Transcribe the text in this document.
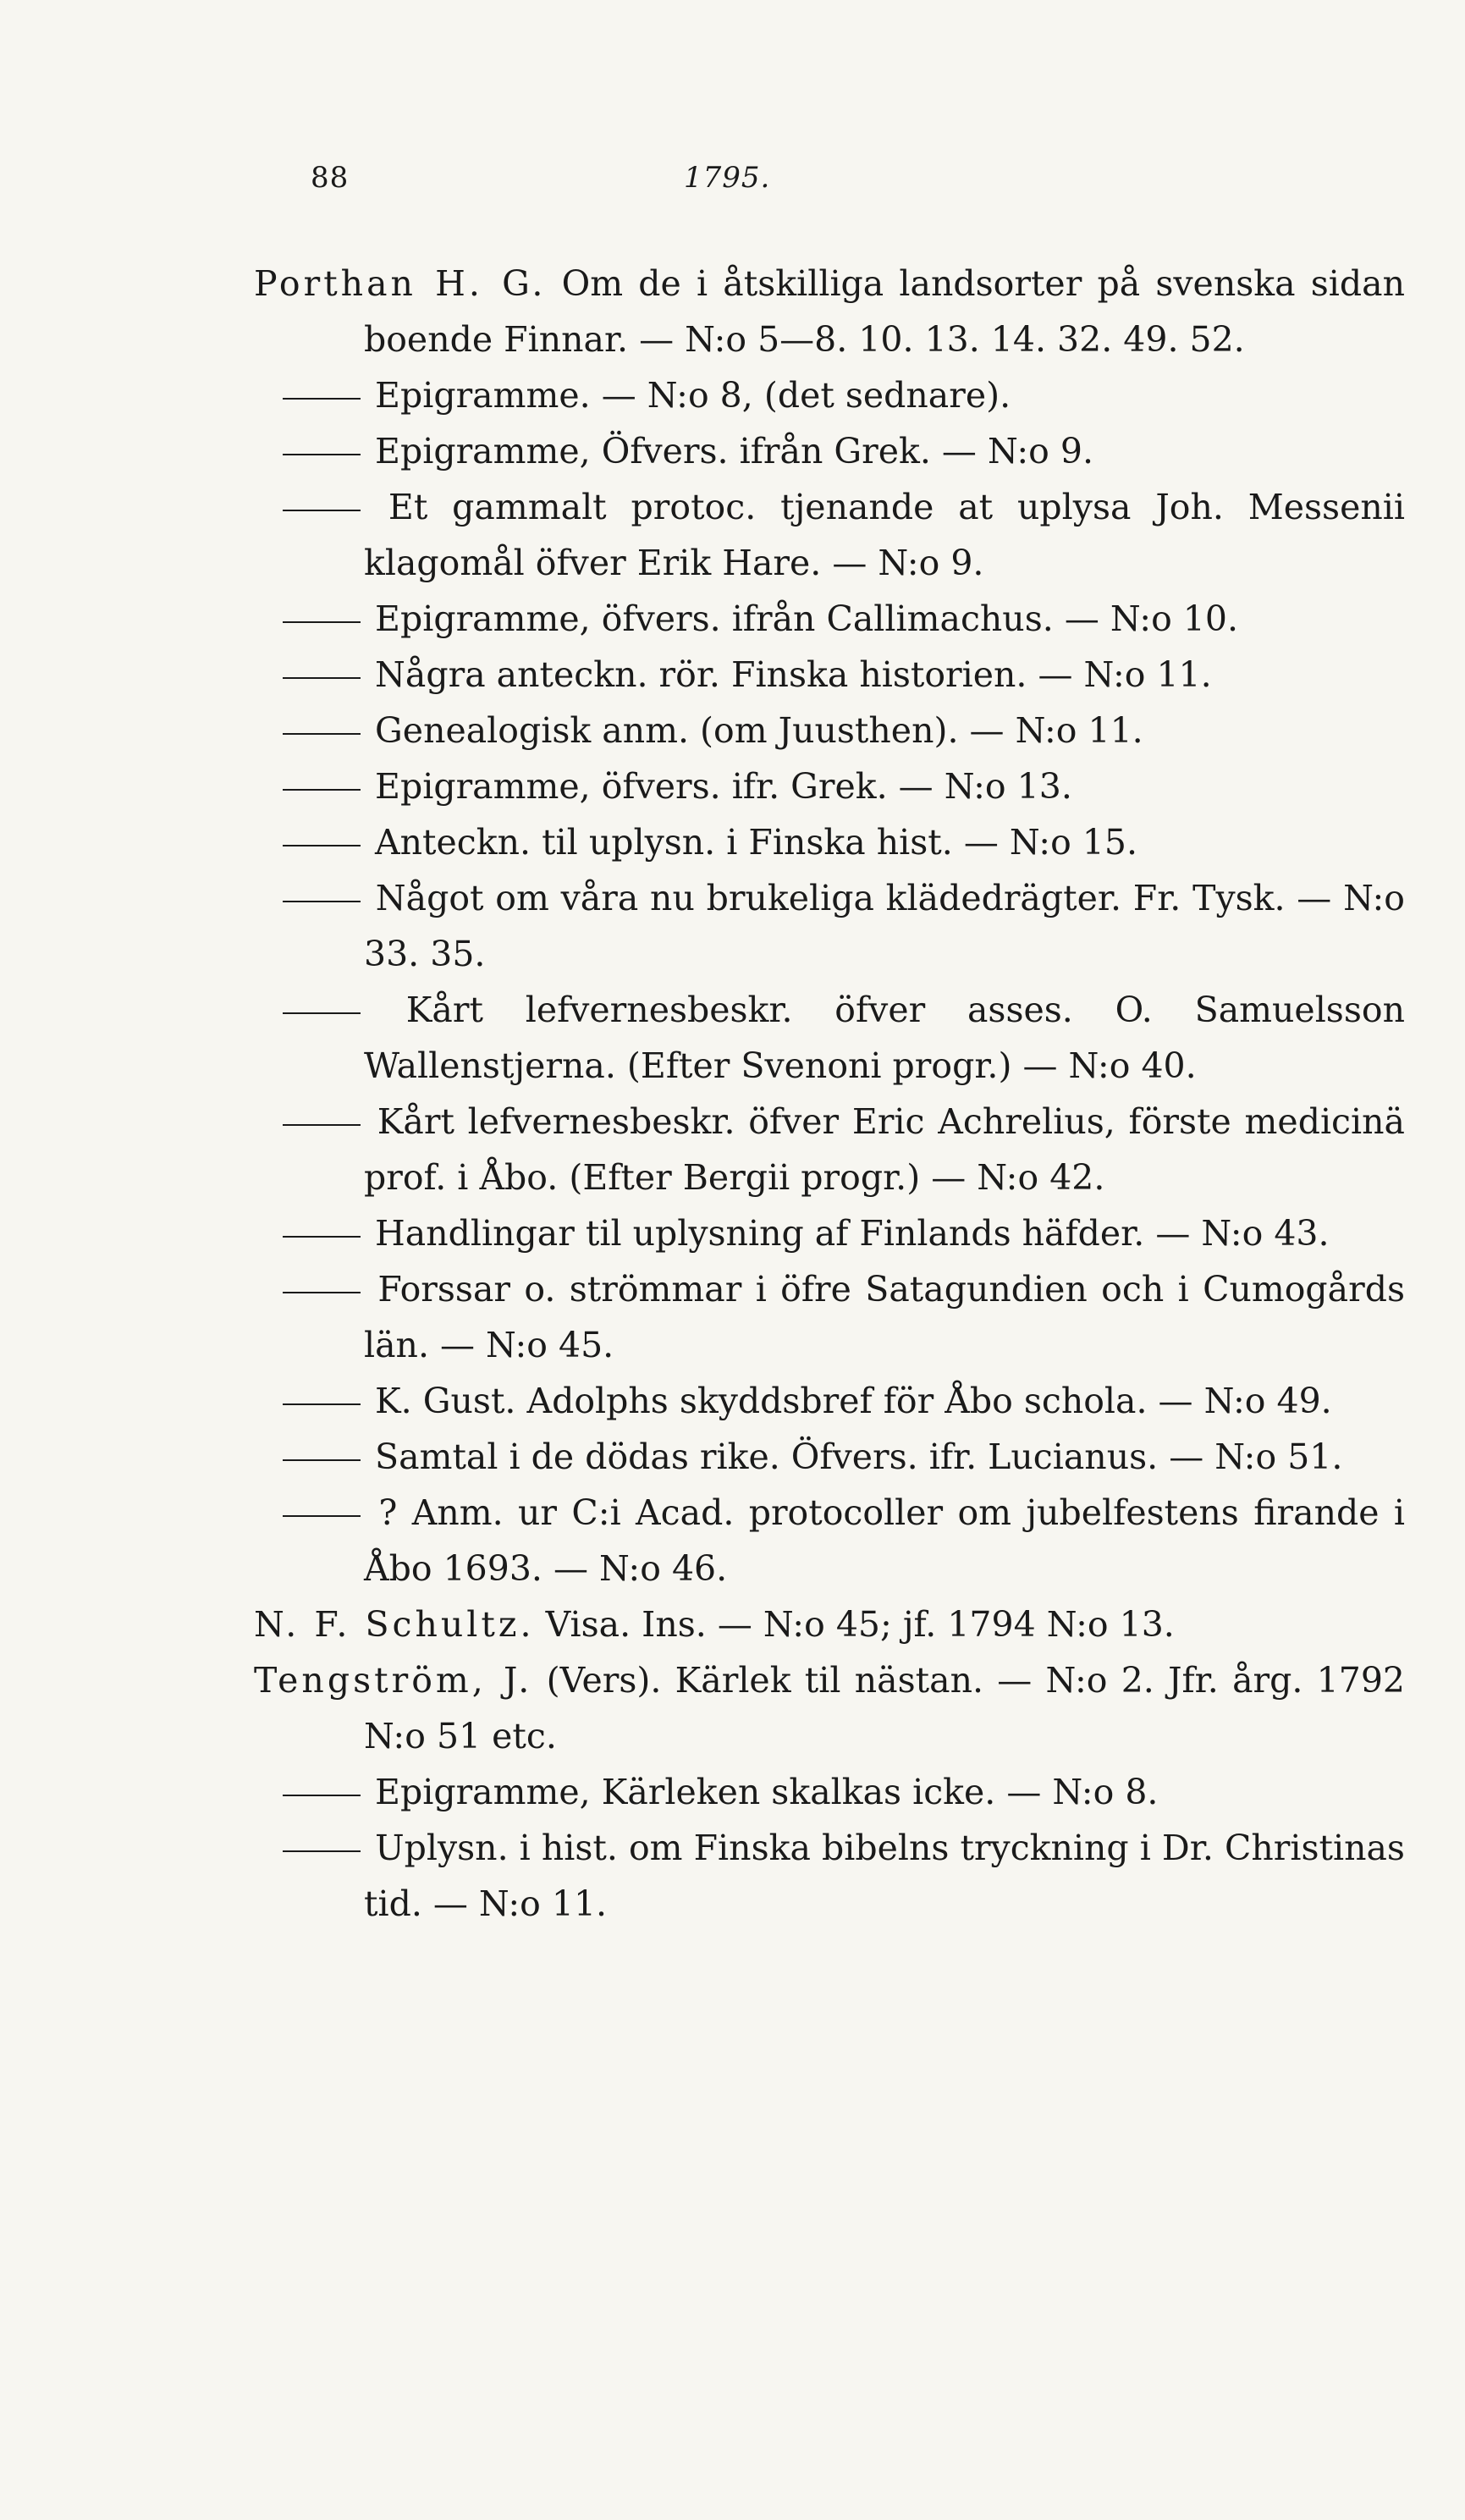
88	1795.

Porthan H. G. Om de i åtskilliga landsorter på svenska sidan boende Finnar. — N:o 5—8. 10. 13. 14. 32. 49. 52.

Epigramme. — N:o 8, (det sednare).

Epigramme, Öfvers. ifrån Grek. — N:o 9.

Et gammalt protoc. tjenande at uplysa Joh. Messenii klagomål öfver Erik Hare. — N:o 9.

Epigramme, öfvers. ifrån Callimachus. — N:o 10.

Några anteckn. rör. Finska historien. — N:o 11.

Genealogisk anm. (om Juusthen). — N:o 11.

Epigramme, öfvers. ifr. Grek. — N:o 13.

Anteckn. til uplysn. i Finska hist. — N:o 15.

Något om våra nu brukeliga klädedrägter. Fr. Tysk. — N:o 33. 35.

Kårt lefvernesbeskr. öfver asses. O. Samuelsson Wallenstjerna. (Efter Svenoni progr.) — N:o 40.

Kårt lefvernesbeskr. öfver Eric Achrelius, förste medicinä prof. i Åbo. (Efter Bergii progr.) — N:o 42.

Handlingar til uplysning af Finlands häfder. — N:o 43.

Forssar o. strömmar i öfre Satagundien och i Cumogårds län. — N:o 45.

K. Gust. Adolphs skyddsbref för Åbo schola. — N:o 49.

Samtal i de dödas rike. Öfvers. ifr. Lucianus. — N:o 51.

? Anm. ur C:i Acad. protocoller om jubelfestens firande i Åbo 1693. — N:o 46.

N. F. Schultz. Visa. Ins. — N:o 45; jf. 1794 N:o 13.

Tengström, J. (Vers). Kärlek til nästan. — N:o 2. Jfr. årg. 1792 N:o 51 etc.

Epigramme, Kärleken skalkas icke. — N:o 8.

Uplysn. i hist. om Finska bibelns tryckning i Dr. Christinas tid. — N:o 11.
